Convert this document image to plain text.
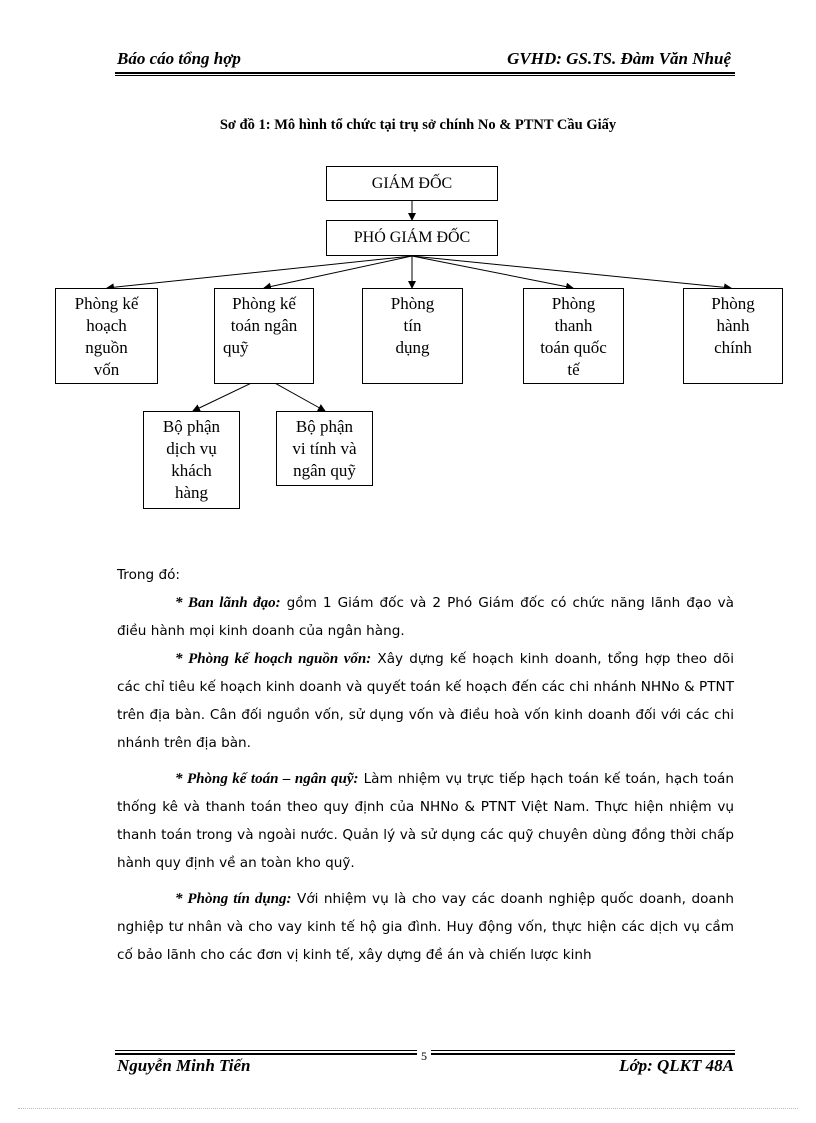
Báo cáo tổng hợp	GVHD: GS.TS. Đàm Văn Nhuệ
Sơ đồ 1: Mô hình tổ chức tại trụ sở chính No & PTNT Cầu Giấy
GIÁM ĐỐC
PHÓ GIÁM ĐỐC
Phòng kế
hoạch
nguồn
vốn
Phòng kế
toán ngân
quỹ
Phòng
tín
dụng
Phòng
thanh
toán quốc
tế
Phòng
hành
chính
Bộ phận
dịch vụ
khách
hàng
Bộ phận
vi tính và
ngân quỹ

Trong đó:

* Ban lãnh đạo: gồm 1 Giám đốc và 2 Phó Giám đốc có chức năng lãnh đạo và điều hành mọi kinh doanh của ngân hàng.

* Phòng kế hoạch nguồn vốn: Xây dựng kế hoạch kinh doanh, tổng hợp theo dõi các chỉ tiêu kế hoạch kinh doanh và quyết toán kế hoạch đến các chi nhánh NHNo & PTNT trên địa bàn. Cân đối nguồn vốn, sử dụng vốn và điều hoà vốn kinh doanh đối với các chi nhánh trên địa bàn.

* Phòng kế toán – ngân quỹ: Làm nhiệm vụ trực tiếp hạch toán kế toán, hạch toán thống kê và thanh toán theo quy định của NHNo & PTNT Việt Nam. Thực hiện nhiệm vụ thanh toán trong và ngoài nước. Quản lý và sử dụng các quỹ chuyên dùng đồng thời chấp hành quy định về an toàn kho quỹ.

* Phòng tín dụng: Với nhiệm vụ là cho vay các doanh nghiệp quốc doanh, doanh nghiệp tư nhân và cho vay kinh tế hộ gia đình. Huy động vốn, thực hiện các dịch vụ cầm cố bảo lãnh cho các đơn vị kinh tế, xây dựng đề án và chiến lược kinh

5
Nguyễn Minh Tiến	Lớp: QLKT 48A
